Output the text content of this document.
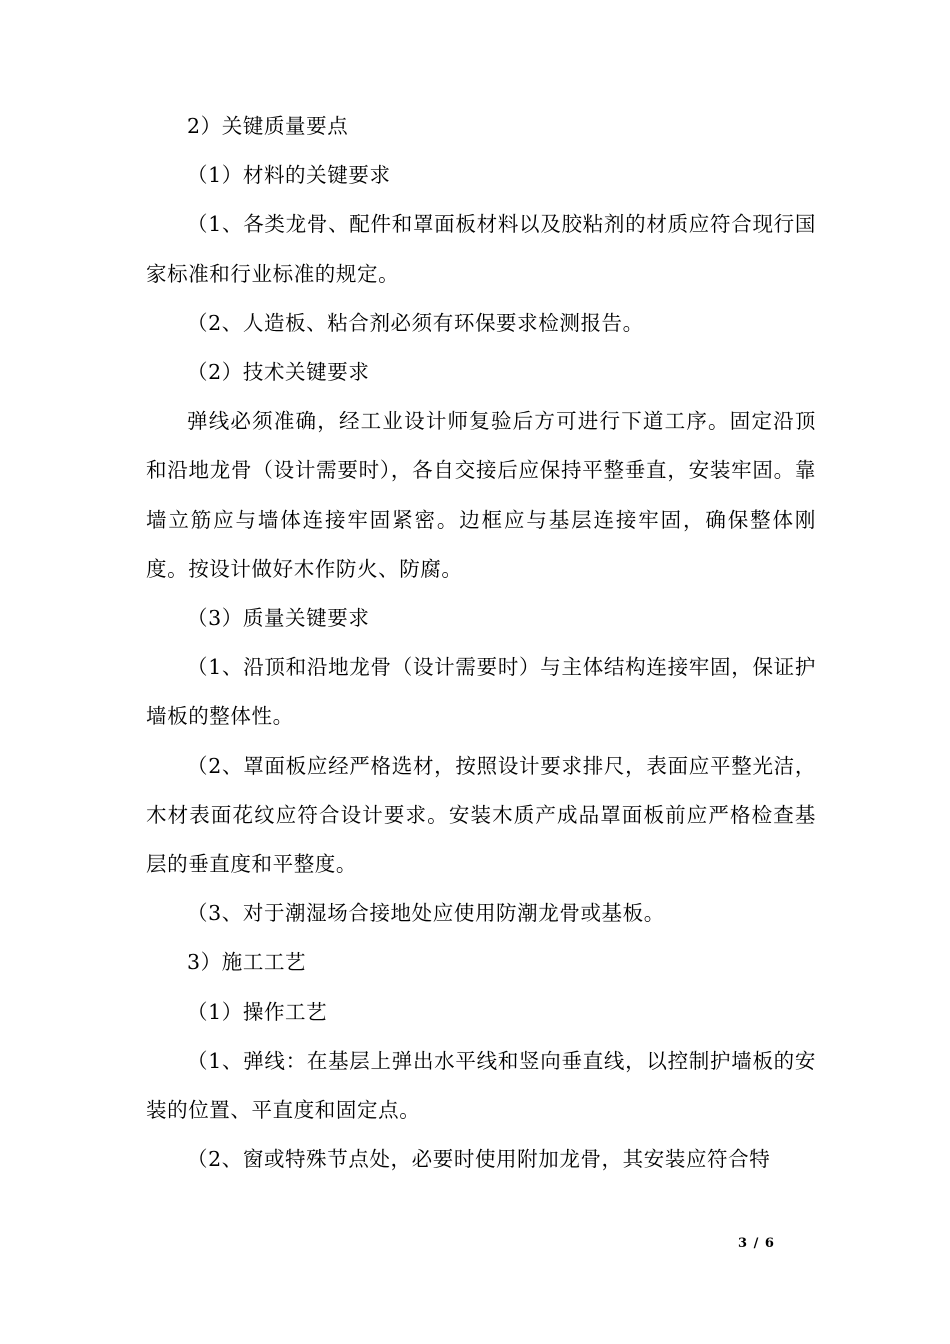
2）关键质量要点

（1）材料的关键要求

（1、各类龙骨、配件和罩面板材料以及胶粘剂的材质应符合现行国家标准和行业标准的规定。

（2、人造板、粘合剂必须有环保要求检测报告。

（2）技术关键要求

弹线必须准确，经工业设计师复验后方可进行下道工序。固定沿顶和沿地龙骨（设计需要时），各自交接后应保持平整垂直，安装牢固。靠墙立筋应与墙体连接牢固紧密。边框应与基层连接牢固，确保整体刚度。按设计做好木作防火、防腐。

（3）质量关键要求

（1、沿顶和沿地龙骨（设计需要时）与主体结构连接牢固，保证护墙板的整体性。

（2、罩面板应经严格选材，按照设计要求排尺，表面应平整光洁，木材表面花纹应符合设计要求。安装木质产成品罩面板前应严格检查基层的垂直度和平整度。

（3、对于潮湿场合接地处应使用防潮龙骨或基板。

3）施工工艺

（1）操作工艺

（1、弹线：在基层上弹出水平线和竖向垂直线，以控制护墙板的安装的位置、平直度和固定点。

（2、窗或特殊节点处，必要时使用附加龙骨，其安装应符合特

3 / 6
